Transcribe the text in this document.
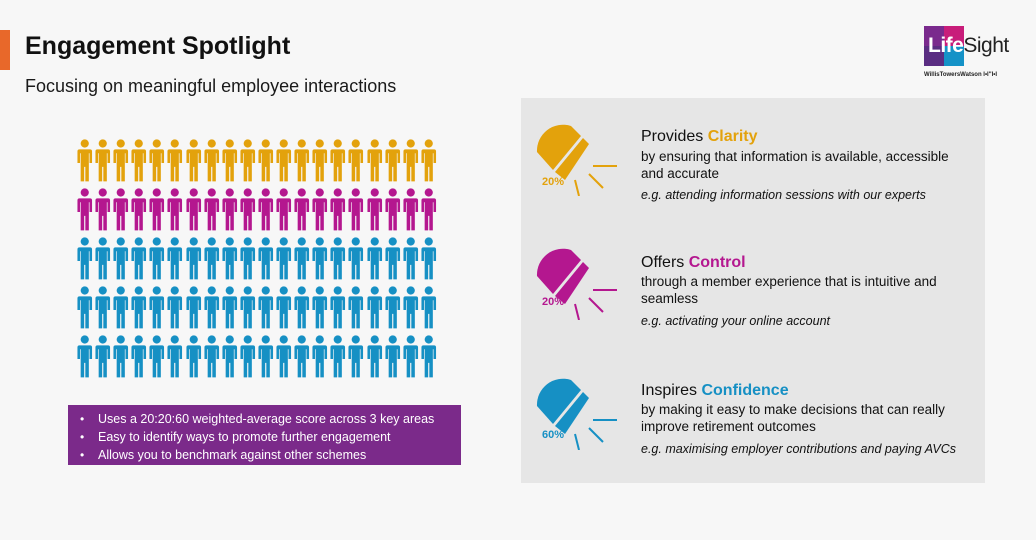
Engagement Spotlight
Focusing on meaningful employee interactions
LifeSight
WillisTowersWatson I•I"I•I
• Uses a 20:20:60 weighted-average score across 3 key areas
• Easy to identify ways to promote further engagement
• Allows you to benchmark against other schemes
20%
Provides Clarity
by ensuring that information is available, accessible and accurate
e.g. attending information sessions with our experts
20%
Offers Control
through a member experience that is intuitive and seamless
e.g. activating your online account
60%
Inspires Confidence
by making it easy to make decisions that can really improve retirement outcomes
e.g. maximising employer contributions and paying AVCs
